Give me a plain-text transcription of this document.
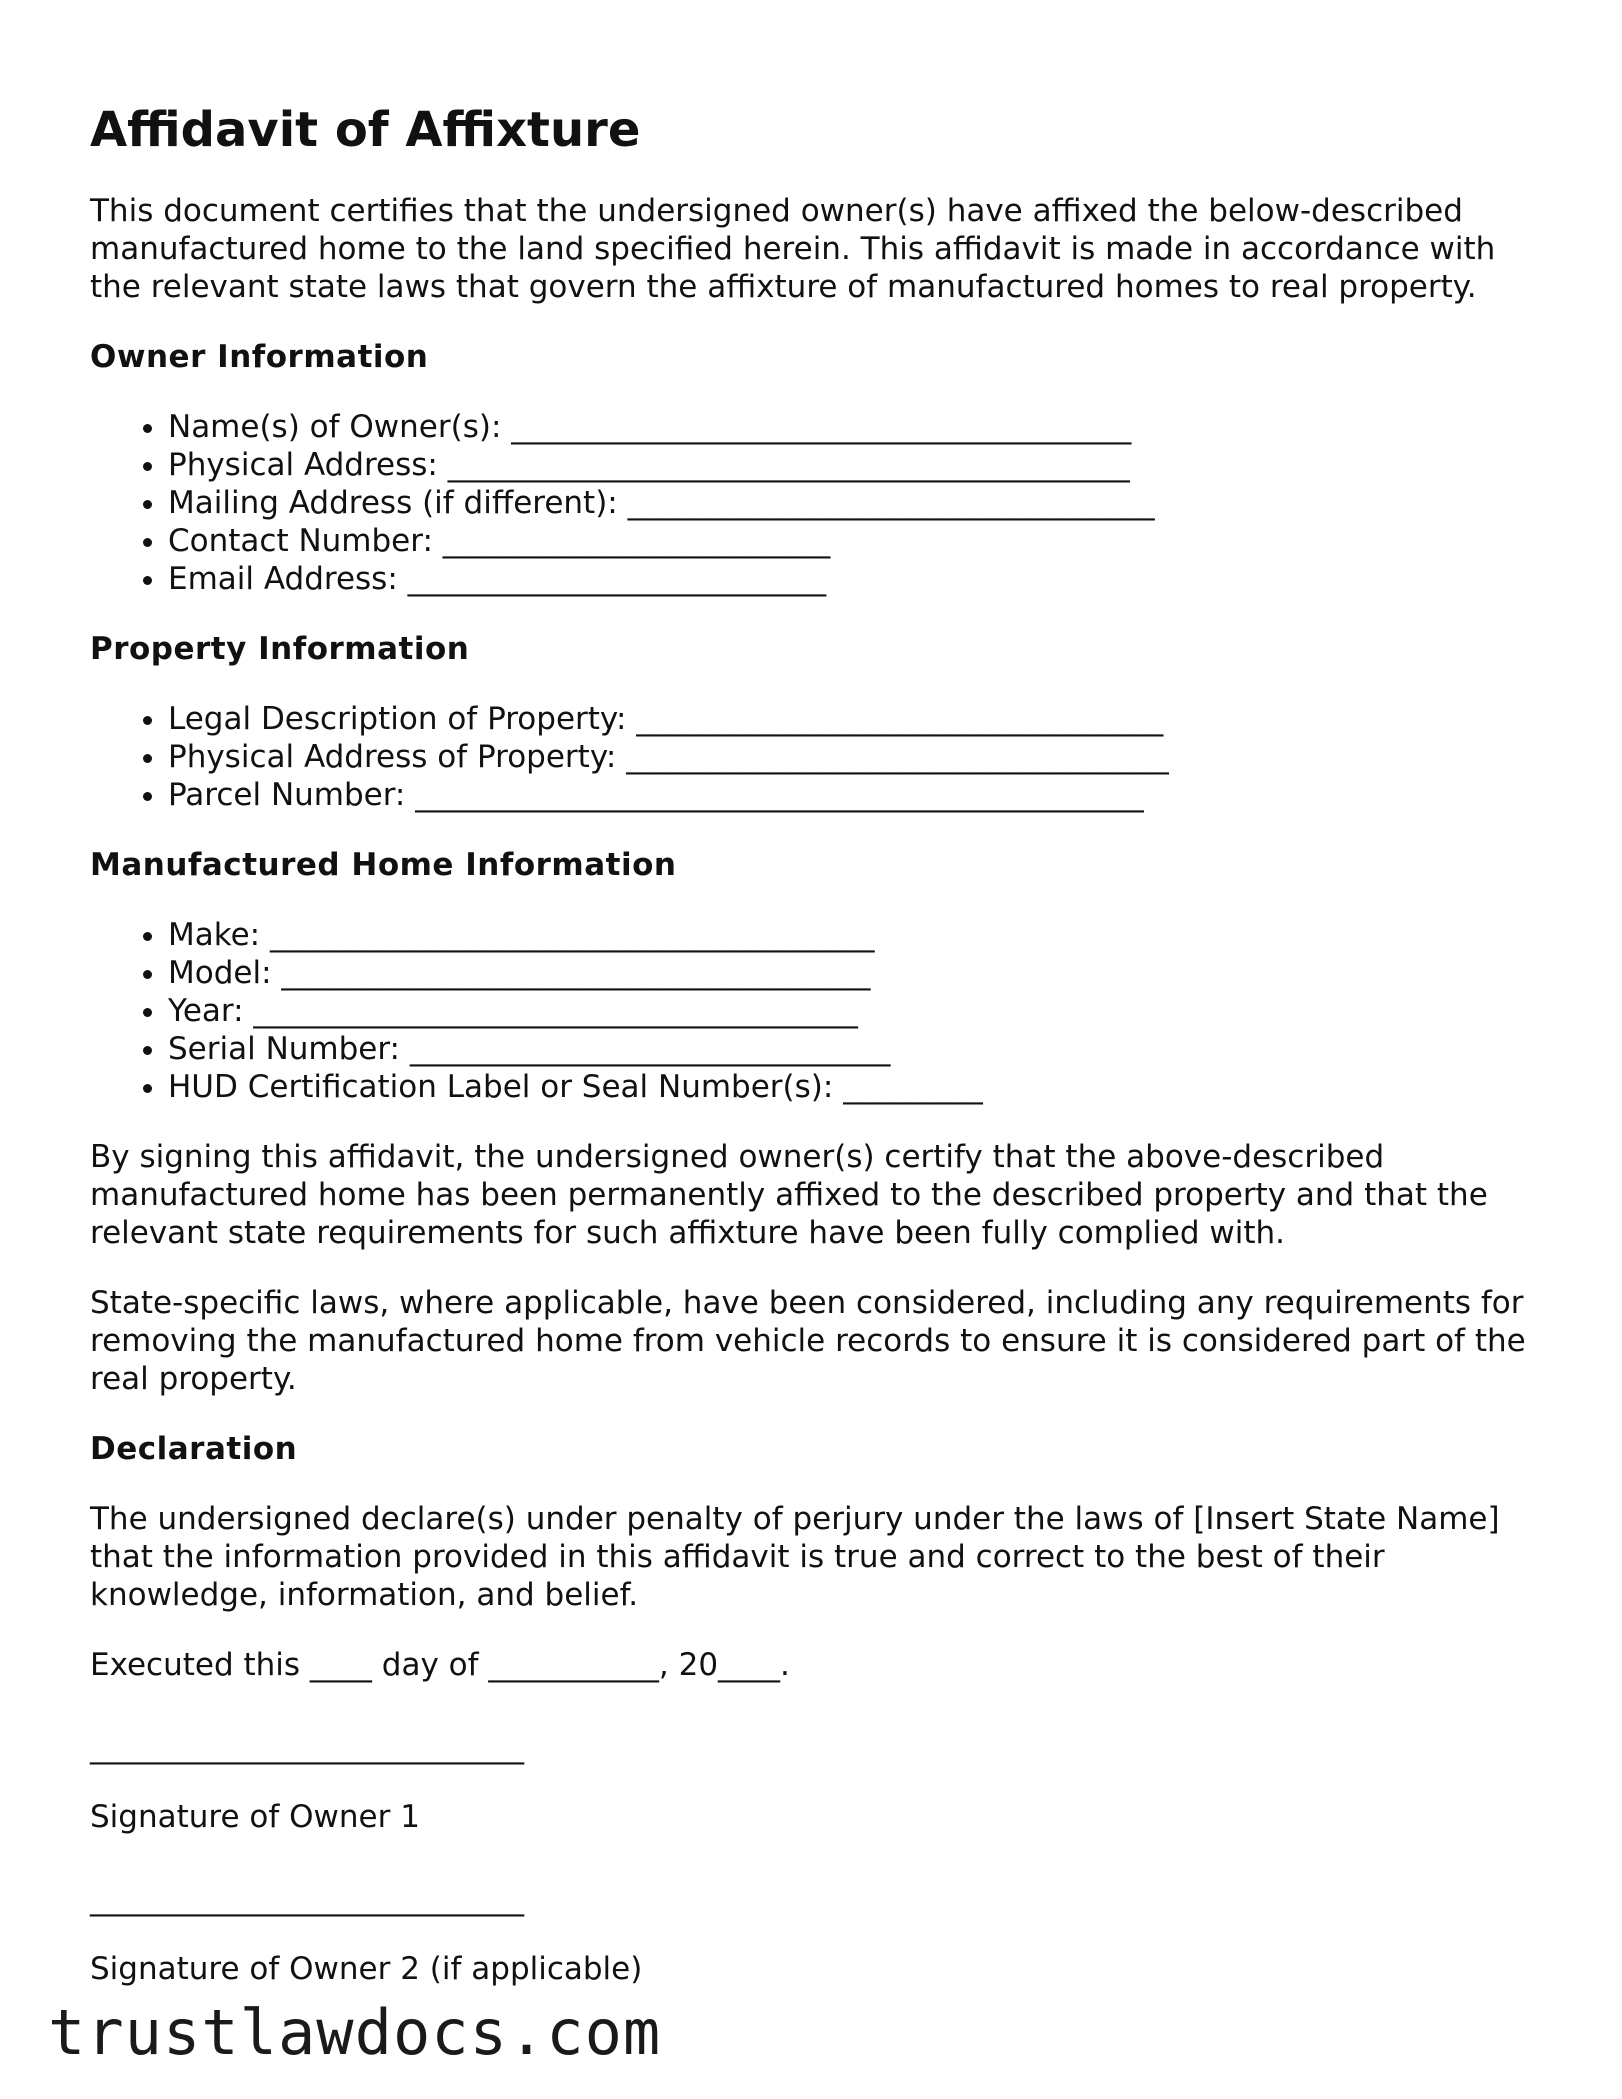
Affidavit of Affixture

This document certifies that the undersigned owner(s) have affixed the below-described manufactured home to the land specified herein. This affidavit is made in accordance with the relevant state laws that govern the affixture of manufactured homes to real property.

Owner Information
• Name(s) of Owner(s): ________________________________________
• Physical Address: ____________________________________________
• Mailing Address (if different): __________________________________
• Contact Number: _________________________
• Email Address: ___________________________
Property Information
• Legal Description of Property: __________________________________
• Physical Address of Property: ___________________________________
• Parcel Number: _______________________________________________
Manufactured Home Information
• Make: _______________________________________
• Model: ______________________________________
• Year: _______________________________________
• Serial Number: _______________________________
• HUD Certification Label or Seal Number(s): _________

By signing this affidavit, the undersigned owner(s) certify that the above-described manufactured home has been permanently affixed to the described property and that the relevant state requirements for such affixture have been fully complied with.

State-specific laws, where applicable, have been considered, including any requirements for removing the manufactured home from vehicle records to ensure it is considered part of the real property.

Declaration

The undersigned declare(s) under penalty of perjury under the laws of [Insert State Name] that the information provided in this affidavit is true and correct to the best of their knowledge, information, and belief.

Executed this ____ day of ___________, 20____.

____________________________

Signature of Owner 1

____________________________

Signature of Owner 2 (if applicable)

trustlawdocs.com
